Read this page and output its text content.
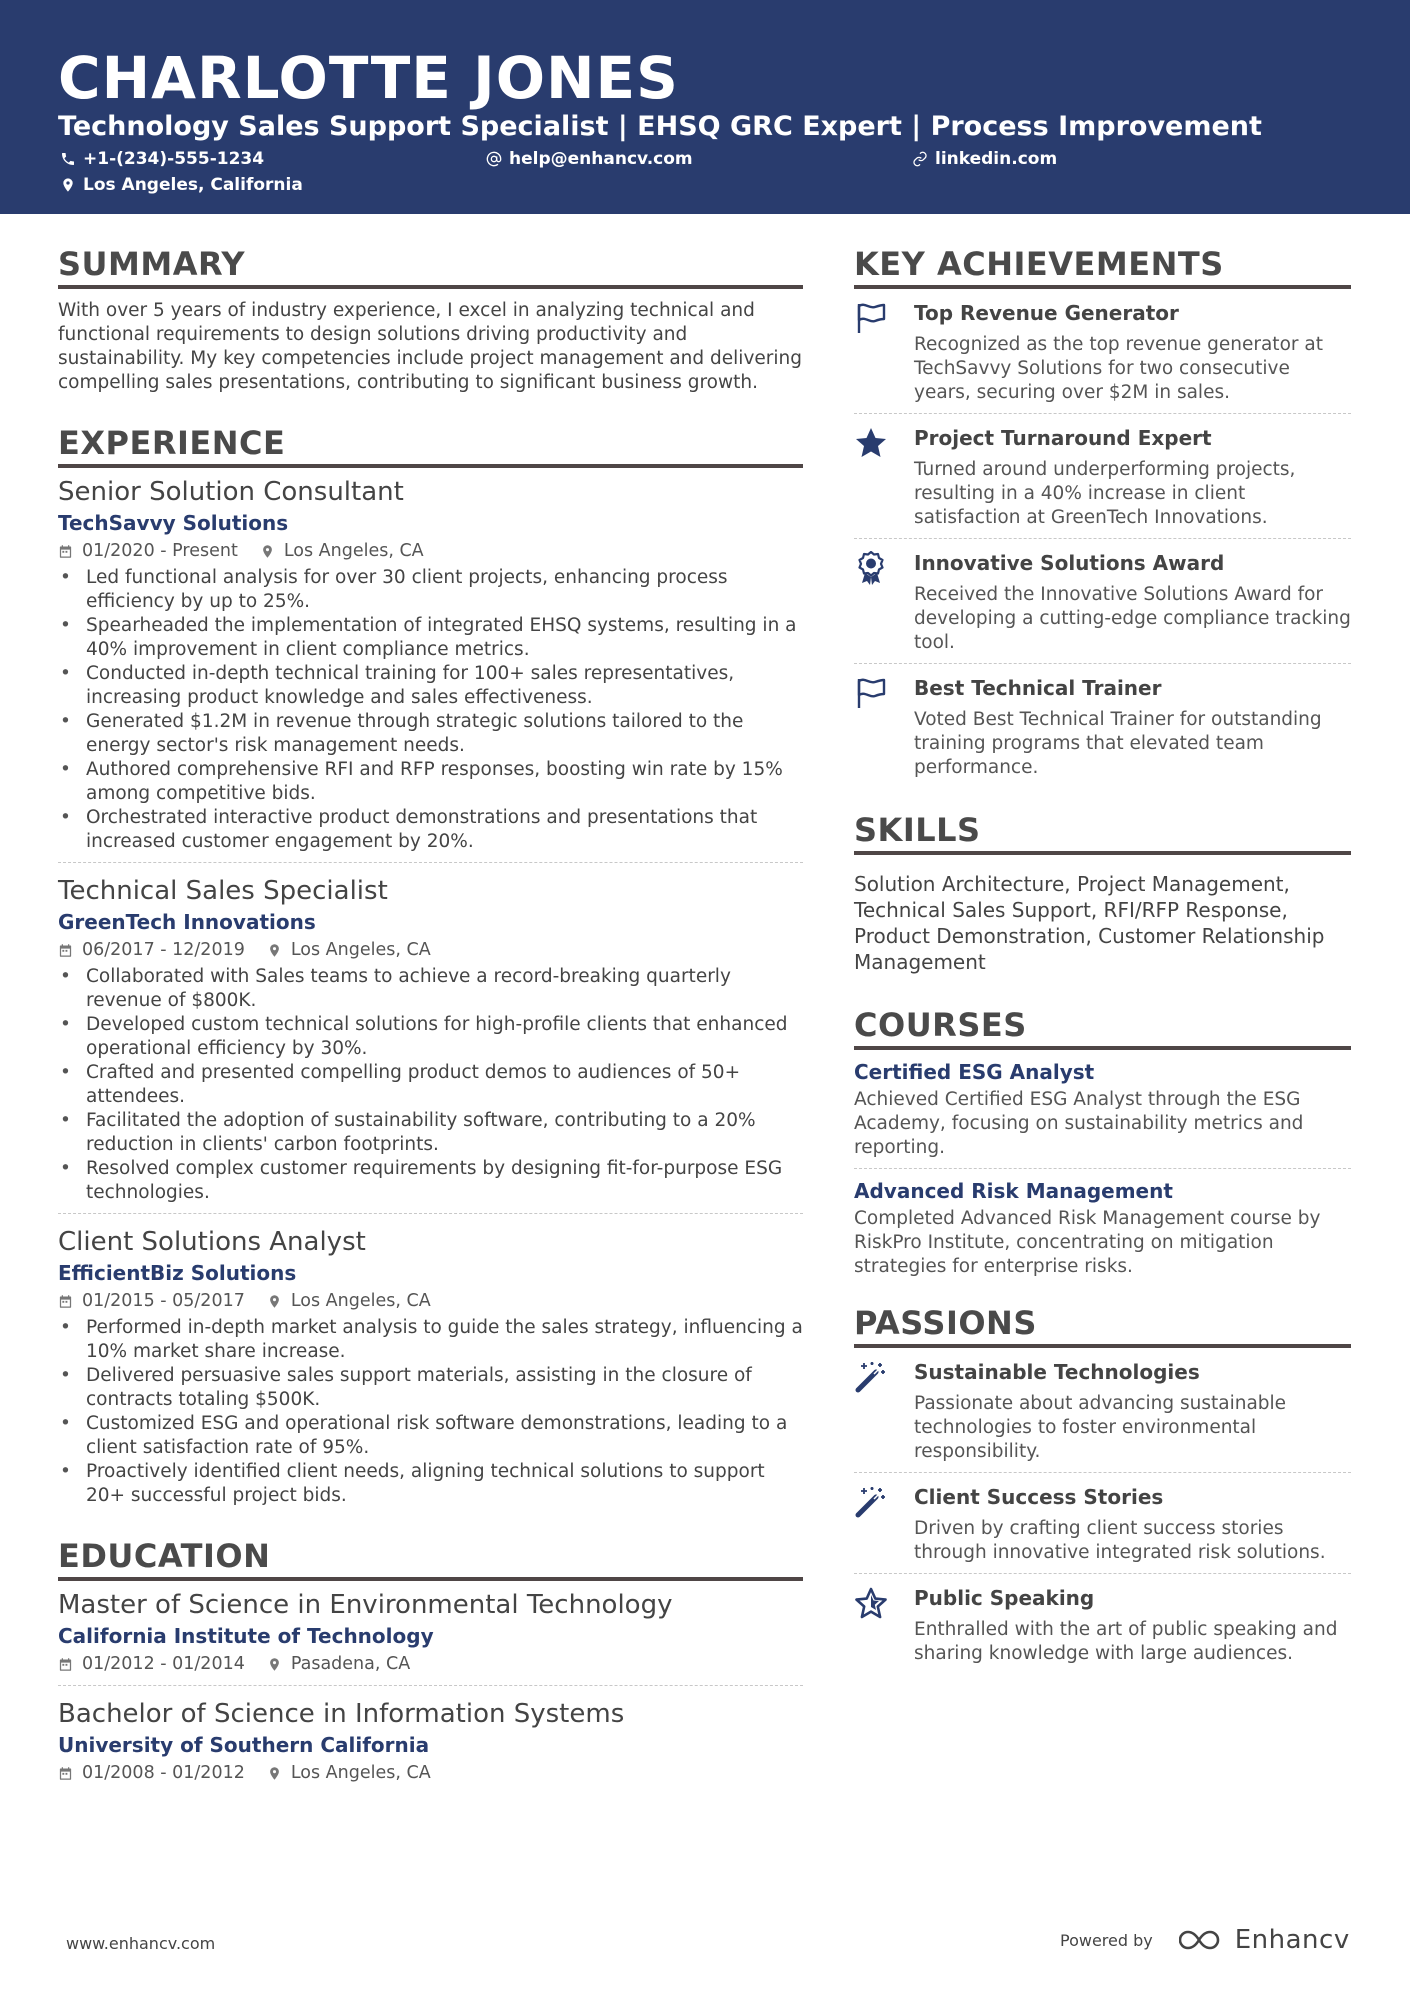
CHARLOTTE JONES
Technology Sales Support Specialist | EHSQ GRC Expert | Process Improvement
+1-(234)-555-1234	help@enhancv.com	linkedin.com
Los Angeles, California
SUMMARY

With over 5 years of industry experience, I excel in analyzing technical and functional requirements to design solutions driving productivity and sustainability. My key competencies include project management and delivering compelling sales presentations, contributing to significant business growth.

EXPERIENCE
Senior Solution Consultant
TechSavvy Solutions
01/2020 - Present	Los Angeles, CA
• Led functional analysis for over 30 client projects, enhancing process efficiency by up to 25%.
• Spearheaded the implementation of integrated EHSQ systems, resulting in a 40% improvement in client compliance metrics.
• Conducted in-depth technical training for 100+ sales representatives, increasing product knowledge and sales effectiveness.
• Generated $1.2M in revenue through strategic solutions tailored to the energy sector's risk management needs.
• Authored comprehensive RFI and RFP responses, boosting win rate by 15% among competitive bids.
• Orchestrated interactive product demonstrations and presentations that increased customer engagement by 20%.
Technical Sales Specialist
GreenTech Innovations
06/2017 - 12/2019	Los Angeles, CA
• Collaborated with Sales teams to achieve a record-breaking quarterly revenue of $800K.
• Developed custom technical solutions for high-profile clients that enhanced operational efficiency by 30%.
• Crafted and presented compelling product demos to audiences of 50+ attendees.
• Facilitated the adoption of sustainability software, contributing to a 20% reduction in clients' carbon footprints.
• Resolved complex customer requirements by designing fit-for-purpose ESG technologies.
Client Solutions Analyst
EfficientBiz Solutions
01/2015 - 05/2017	Los Angeles, CA
• Performed in-depth market analysis to guide the sales strategy, influencing a 10% market share increase.
• Delivered persuasive sales support materials, assisting in the closure of contracts totaling $500K.
• Customized ESG and operational risk software demonstrations, leading to a client satisfaction rate of 95%.
• Proactively identified client needs, aligning technical solutions to support 20+ successful project bids.
EDUCATION
Master of Science in Environmental Technology
California Institute of Technology
01/2012 - 01/2014	Pasadena, CA
Bachelor of Science in Information Systems
University of Southern California
01/2008 - 01/2012	Los Angeles, CA
KEY ACHIEVEMENTS
Top Revenue Generator
Recognized as the top revenue generator at TechSavvy Solutions for two consecutive years, securing over $2M in sales.
Project Turnaround Expert
Turned around underperforming projects, resulting in a 40% increase in client satisfaction at GreenTech Innovations.
Innovative Solutions Award
Received the Innovative Solutions Award for developing a cutting-edge compliance tracking tool.
Best Technical Trainer
Voted Best Technical Trainer for outstanding training programs that elevated team performance.
SKILLS
Solution Architecture, Project Management, Technical Sales Support, RFI/RFP Response, Product Demonstration, Customer Relationship Management
COURSES
Certified ESG Analyst
Achieved Certified ESG Analyst through the ESG Academy, focusing on sustainability metrics and reporting.
Advanced Risk Management
Completed Advanced Risk Management course by RiskPro Institute, concentrating on mitigation strategies for enterprise risks.
PASSIONS
Sustainable Technologies
Passionate about advancing sustainable technologies to foster environmental responsibility.
Client Success Stories
Driven by crafting client success stories through innovative integrated risk solutions.
Public Speaking
Enthralled with the art of public speaking and sharing knowledge with large audiences.
www.enhancv.com	Powered by	Enhancv
